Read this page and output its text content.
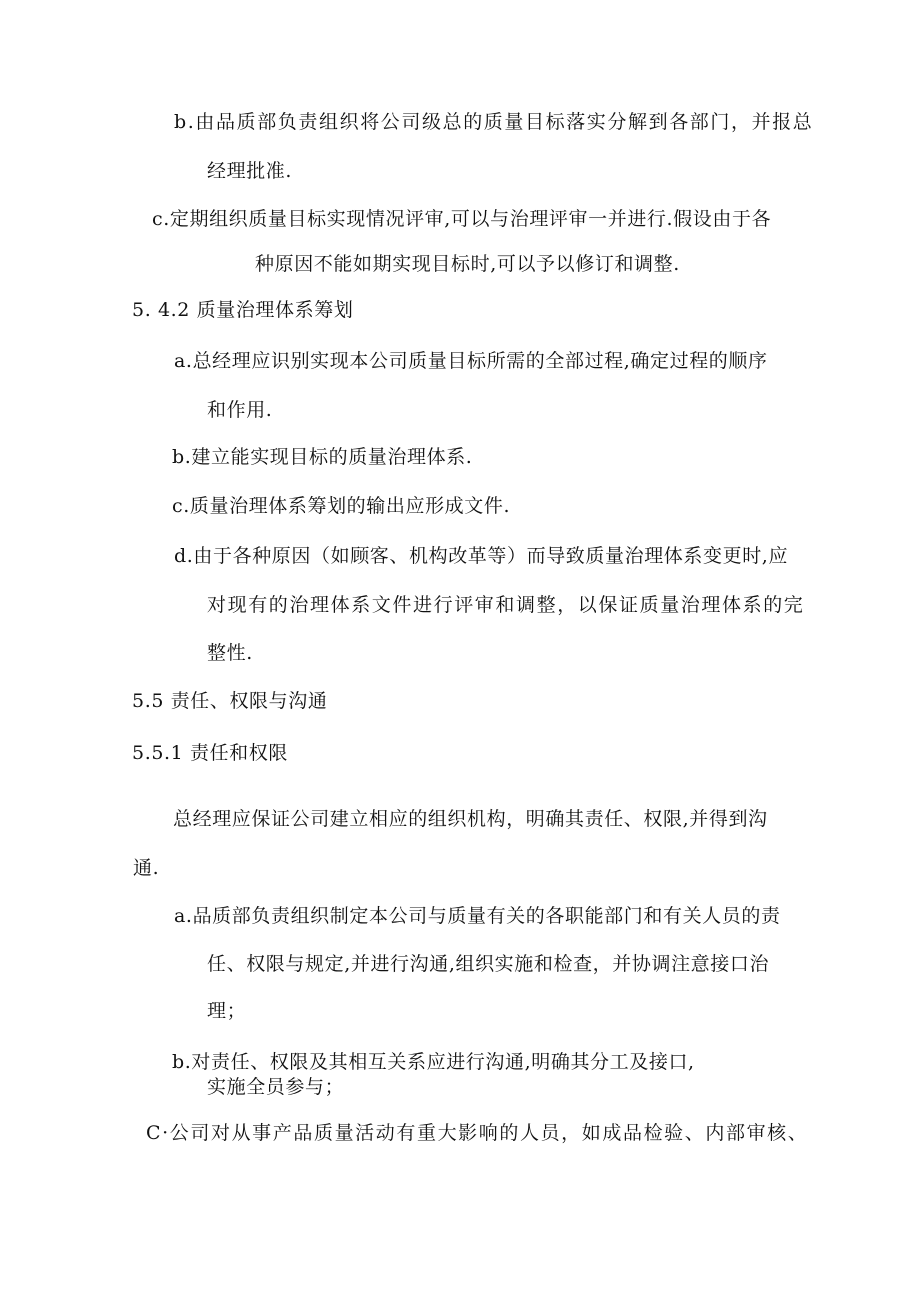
b.由品质部负责组织将公司级总的质量目标落实分解到各部门，并报总
经理批准.
c.定期组织质量目标实现情况评审,可以与治理评审一并进行.假设由于各
种原因不能如期实现目标时,可以予以修订和调整.
5. 4.2 质量治理体系筹划
a.总经理应识别实现本公司质量目标所需的全部过程,确定过程的顺序
和作用.
b.建立能实现目标的质量治理体系.
c.质量治理体系筹划的输出应形成文件.
d.由于各种原因（如顾客、机构改革等）而导致质量治理体系变更时,应
对现有的治理体系文件进行评审和调整，以保证质量治理体系的完
整性.
5.5 责任、权限与沟通
5.5.1 责任和权限
总经理应保证公司建立相应的组织机构，明确其责任、权限,并得到沟
通.
a.品质部负责组织制定本公司与质量有关的各职能部门和有关人员的责
任、权限与规定,并进行沟通,组织实施和检查，并协调注意接口治
理；
b.对责任、权限及其相互关系应进行沟通,明确其分工及接口,
实施全员参与；
C·公司对从事产品质量活动有重大影响的人员，如成品检验、内部审核、
